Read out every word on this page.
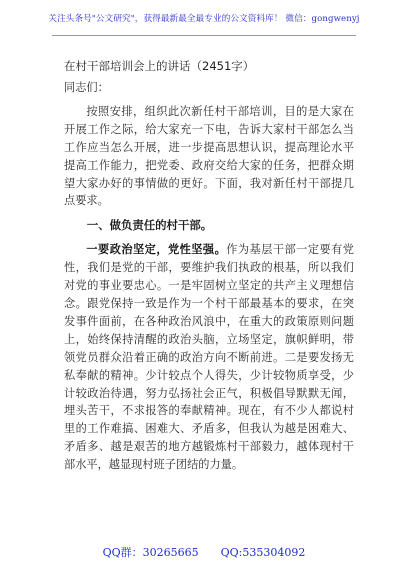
关注头条号"公文研究"，获得最新最全最专业的公文资料库！ 微信：gongwenyj
在村干部培训会上的讲话（2451字）

同志们：

按照安排，组织此次新任村干部培训，目的是大家在开展工作之际，给大家充一下电，告诉大家村干部怎么当工作应当怎么开展，进一步提高思想认识，提高理论水平提高工作能力，把党委、政府交给大家的任务，把群众期望大家办好的事情做的更好。下面，我对新任村干部提几点要求。

一、做负责任的村干部。

一要政治坚定，党性坚强。作为基层干部一定要有党性，我们是党的干部，要维护我们执政的根基，所以我们对党的事业要忠心。一是牢固树立坚定的共产主义理想信念。跟党保持一致是作为一个村干部最基本的要求，在突发事件面前，在各种政治风浪中，在重大的政策原则问题上，始终保持清醒的政治头脑，立场坚定，旗帜鲜明，带领党员群众沿着正确的政治方向不断前进。二是要发扬无私奉献的精神。少计较点个人得失，少计较物质享受，少计较政治待遇，努力弘扬社会正气，积极倡导默默无闻，埋头苦干，不求报答的奉献精神。现在，有不少人都说村里的工作难搞、困难大、矛盾多，但我认为越是困难大、矛盾多、越是艰苦的地方越锻炼村干部毅力，越体现村干部水平，越显现村班子团结的力量。

QQ群：30265665 QQ:535304092
